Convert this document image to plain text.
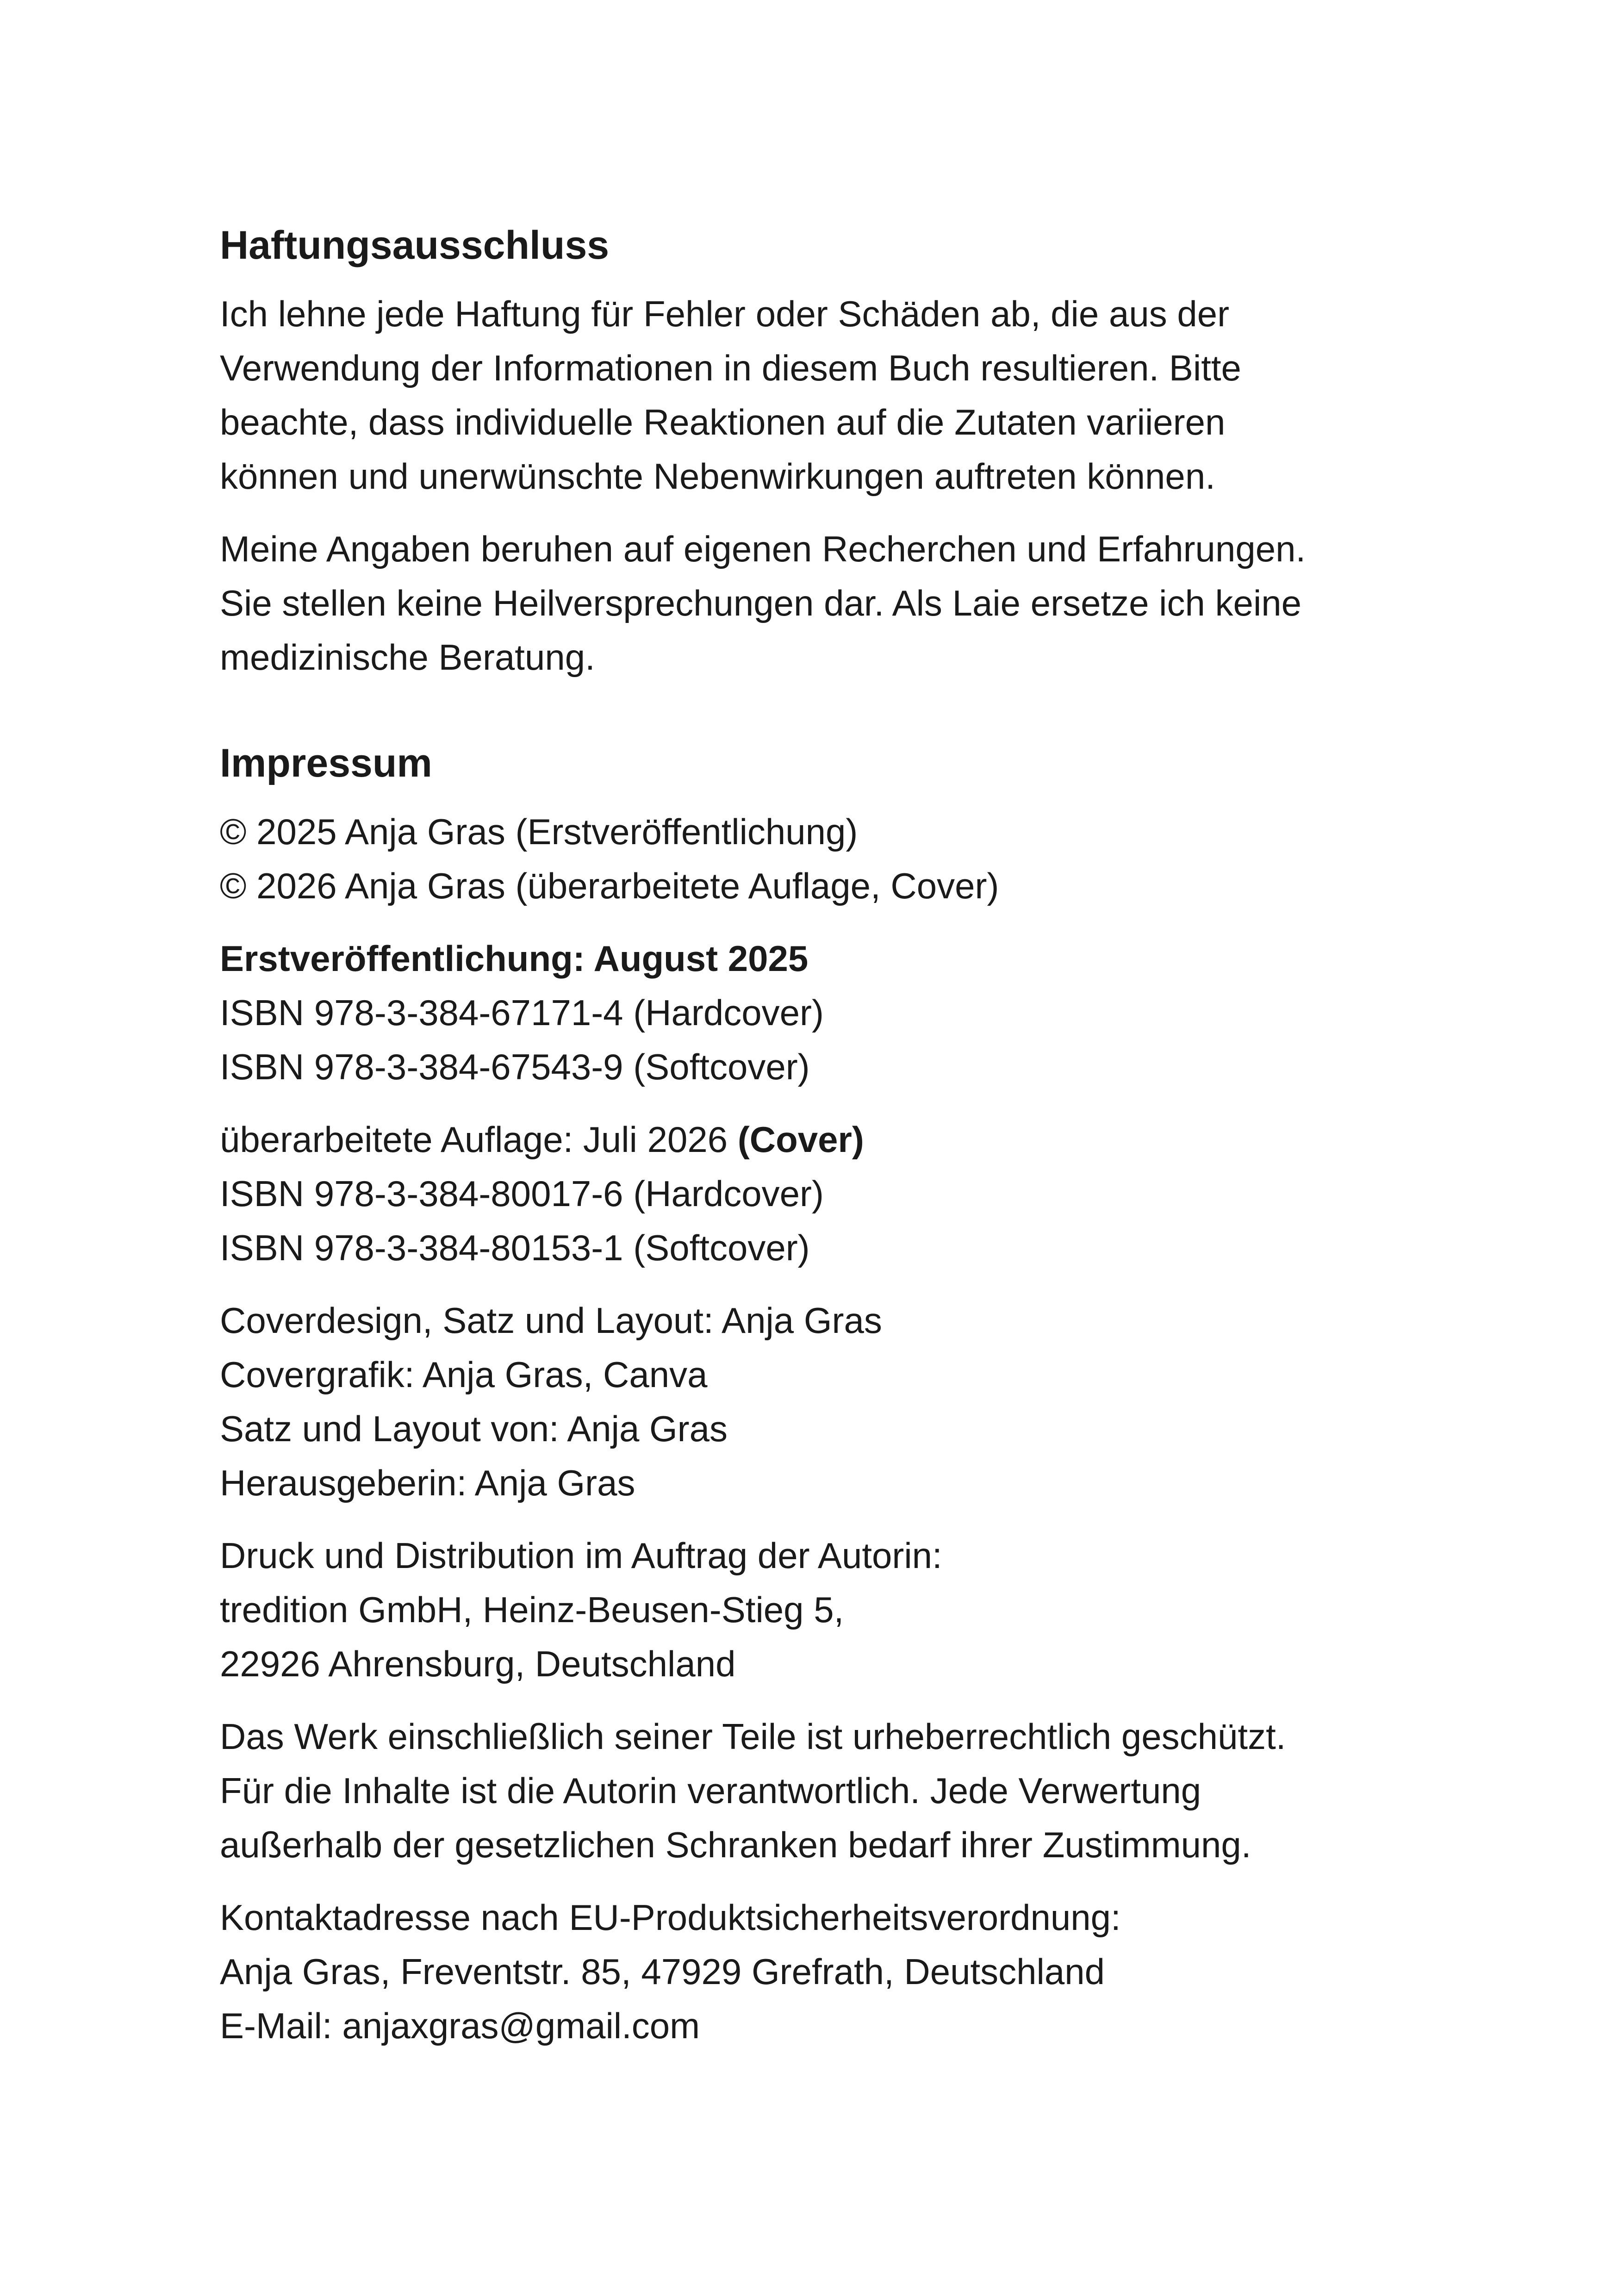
Haftungsausschluss

Ich lehne jede Haftung für Fehler oder Schäden ab, die aus der
Verwendung der Informationen in diesem Buch resultieren. Bitte
beachte, dass individuelle Reaktionen auf die Zutaten variieren
können und unerwünschte Nebenwirkungen auftreten können.

Meine Angaben beruhen auf eigenen Recherchen und Erfahrungen.
Sie stellen keine Heilversprechungen dar. Als Laie ersetze ich keine
medizinische Beratung.

Impressum

© 2025 Anja Gras (Erstveröffentlichung)
© 2026 Anja Gras (überarbeitete Auflage, Cover)

Erstveröffentlichung: August 2025
ISBN 978-3-384-67171-4 (Hardcover)
ISBN 978-3-384-67543-9 (Softcover)

überarbeitete Auflage: Juli 2026 (Cover)
ISBN 978-3-384-80017-6 (Hardcover)
ISBN 978-3-384-80153-1 (Softcover)

Coverdesign, Satz und Layout: Anja Gras
Covergrafik: Anja Gras, Canva
Satz und Layout von: Anja Gras
Herausgeberin: Anja Gras

Druck und Distribution im Auftrag der Autorin:
tredition GmbH, Heinz-Beusen-Stieg 5,
22926 Ahrensburg, Deutschland

Das Werk einschließlich seiner Teile ist urheberrechtlich geschützt.
Für die Inhalte ist die Autorin verantwortlich. Jede Verwertung
außerhalb der gesetzlichen Schranken bedarf ihrer Zustimmung.

Kontaktadresse nach EU-Produktsicherheitsverordnung:
Anja Gras, Freventstr. 85, 47929 Grefrath, Deutschland
E-Mail: anjaxgras@gmail.com
